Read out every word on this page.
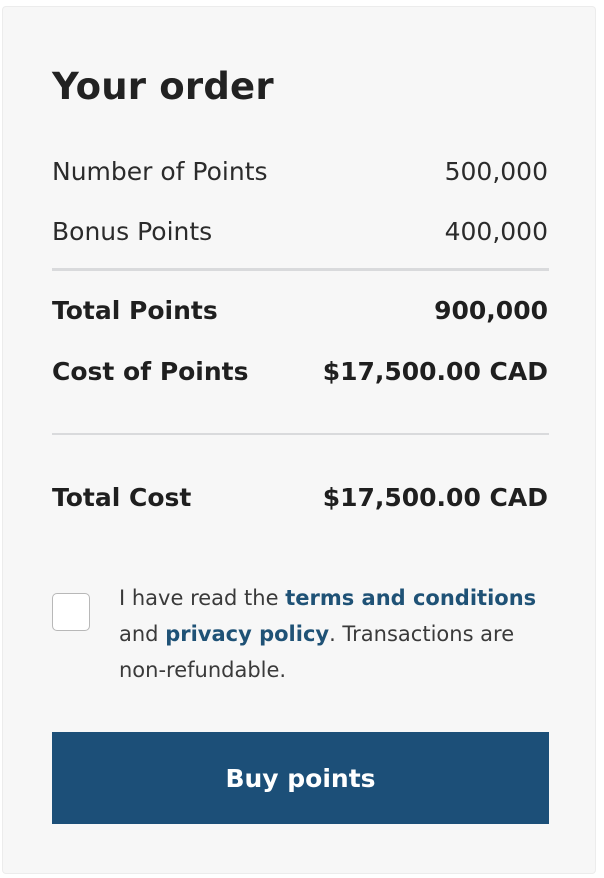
Your order
Number of Points	500,000
Bonus Points	400,000
Total Points	900,000
Cost of Points	$17,500.00 CAD
Total Cost	$17,500.00 CAD
I have read the terms and conditions and privacy policy. Transactions are non-refundable.
Buy points
